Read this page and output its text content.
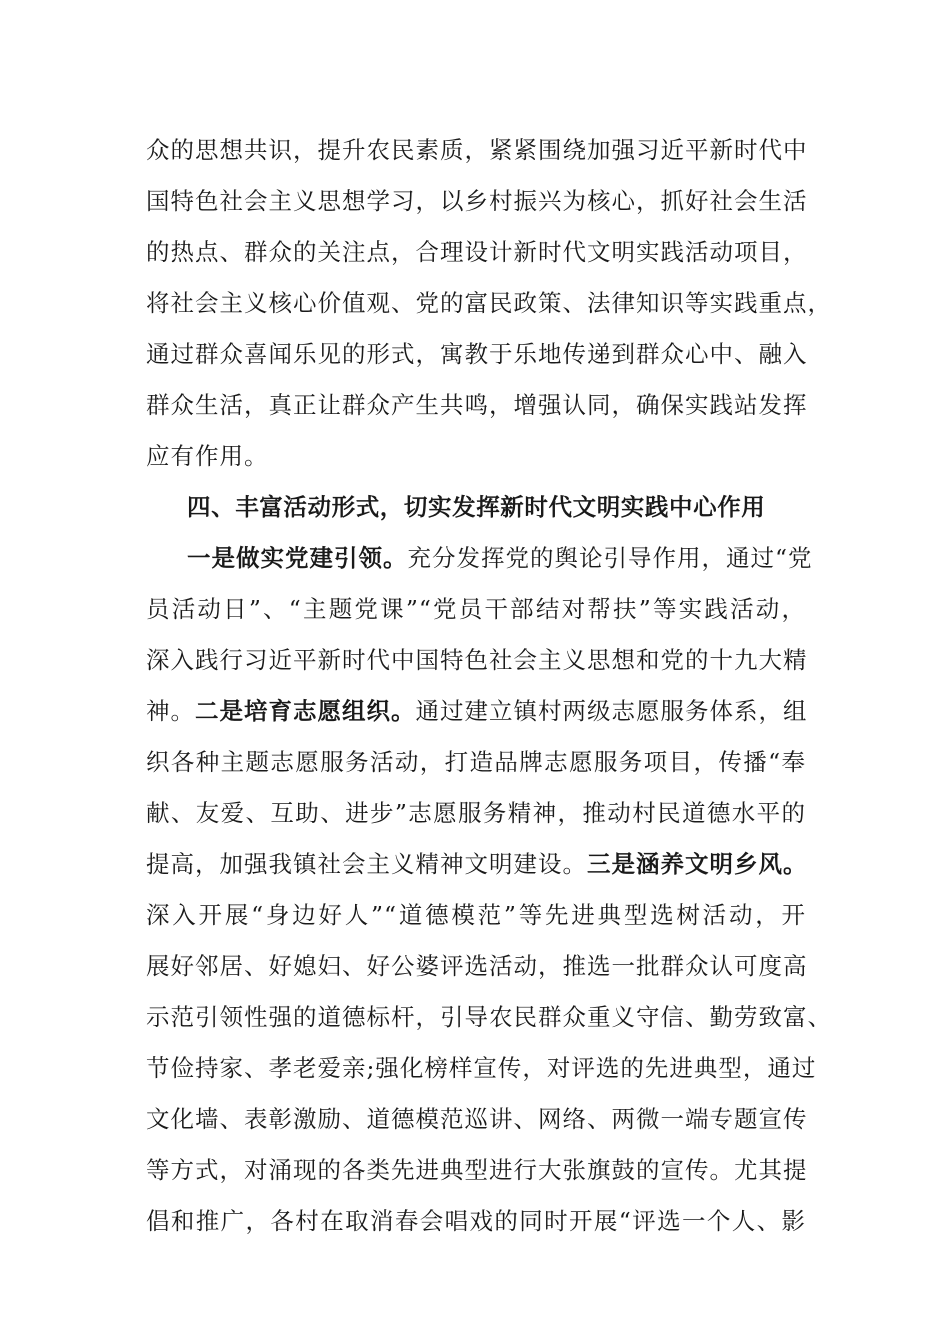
众的思想共识，提升农民素质，紧紧围绕加强习近平新时代中
国特色社会主义思想学习，以乡村振兴为核心，抓好社会生活
的热点、群众的关注点，合理设计新时代文明实践活动项目，
将社会主义核心价值观、党的富民政策、法律知识等实践重点，
通过群众喜闻乐见的形式，寓教于乐地传递到群众心中、融入
群众生活，真正让群众产生共鸣，增强认同，确保实践站发挥
应有作用。
四、丰富活动形式，切实发挥新时代文明实践中心作用
一是做实党建引领。充分发挥党的舆论引导作用，通过“党
员活动日”、“主题党课”“党员干部结对帮扶”等实践活动，
深入践行习近平新时代中国特色社会主义思想和党的十九大精
神。二是培育志愿组织。通过建立镇村两级志愿服务体系，组
织各种主题志愿服务活动，打造品牌志愿服务项目，传播“奉
献、友爱、互助、进步”志愿服务精神，推动村民道德水平的
提高，加强我镇社会主义精神文明建设。三是涵养文明乡风。
深入开展“身边好人”“道德模范”等先进典型选树活动，开
展好邻居、好媳妇、好公婆评选活动，推选一批群众认可度高
示范引领性强的道德标杆，引导农民群众重义守信、勤劳致富、
节俭持家、孝老爱亲;强化榜样宣传，对评选的先进典型，通过
文化墙、表彰激励、道德模范巡讲、网络、两微一端专题宣传
等方式，对涌现的各类先进典型进行大张旗鼓的宣传。尤其提
倡和推广，各村在取消春会唱戏的同时开展“评选一个人、影
